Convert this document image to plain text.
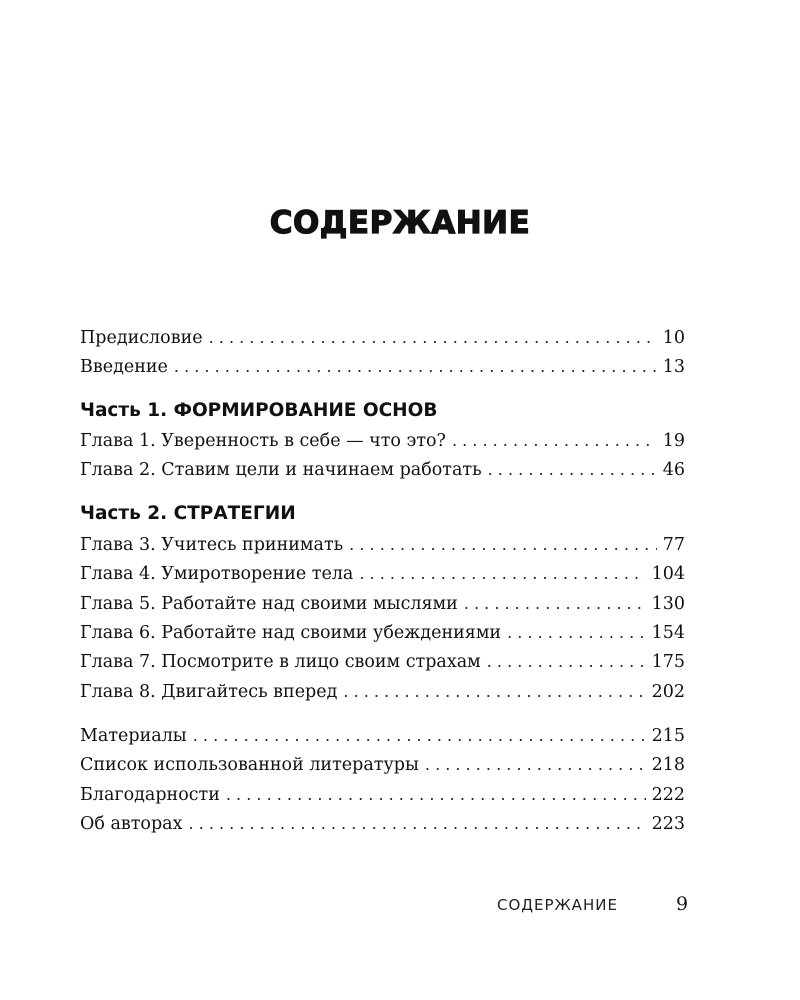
СОДЕРЖАНИЕ
Предисловие . . .	10
Введение . . .	13
Часть 1. ФОРМИРОВАНИЕ ОСНОВ
Глава 1. Уверенность в себе — что это? . . .	19
Глава 2. Ставим цели и начинаем работать . . .	46
Часть 2. СТРАТЕГИИ
Глава 3. Учитесь принимать . . .	77
Глава 4. Умиротворение тела . . .	104
Глава 5. Работайте над своими мыслями . . .	130
Глава 6. Работайте над своими убеждениями . . .	154
Глава 7. Посмотрите в лицо своим страхам . . .	175
Глава 8. Двигайтесь вперед . . .	202
Материалы . . .	215
Список использованной литературы . . .	218
Благодарности . . .	222
Об авторах . . .	223
СОДЕРЖАНИЕ	9
